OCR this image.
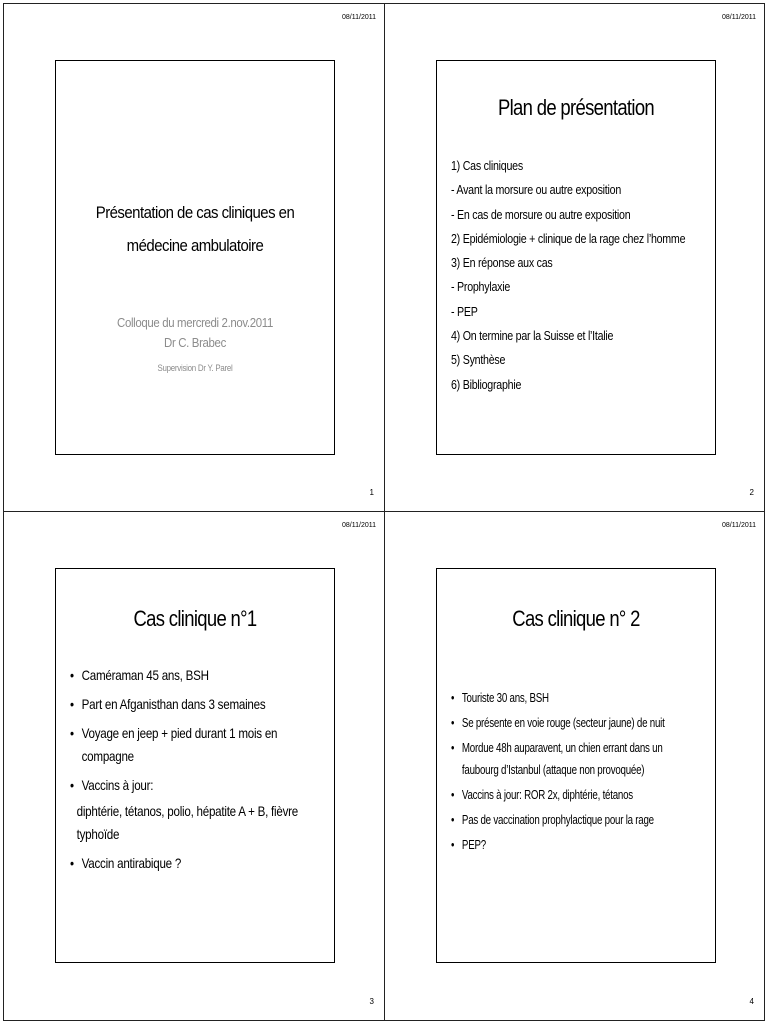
08/11/2011
Présentation de cas cliniques en
médecine ambulatoire
Colloque du mercredi 2.nov.2011
Dr C. Brabec
Supervision Dr Y. Parel
1
08/11/2011
Plan de présentation
1) Cas cliniques
- Avant la morsure ou autre exposition
- En cas de morsure ou autre exposition
2) Epidémiologie + clinique de la rage chez l’homme
3) En réponse aux cas
- Prophylaxie
- PEP
4) On termine par la Suisse et l’Italie
5) Synthèse
6) Bibliographie
2
08/11/2011
Cas clinique n°1
• Caméraman 45 ans, BSH
• Part en Afganisthan dans 3 semaines
• Voyage en jeep + pied durant 1 mois en compagne
• Vaccins à jour:
diphtérie, tétanos, polio, hépatite A + B, fièvre typhoïde
• Vaccin antirabique ?
3
08/11/2011
Cas clinique n° 2
• Touriste 30 ans, BSH
• Se présente en voie rouge (secteur jaune) de nuit
• Mordue 48h auparavent, un chien errant dans un faubourg d’Istanbul (attaque non provoquée)
• Vaccins à jour: ROR 2x, diphtérie, tétanos
• Pas de vaccination prophylactique pour la rage
• PEP?
4
